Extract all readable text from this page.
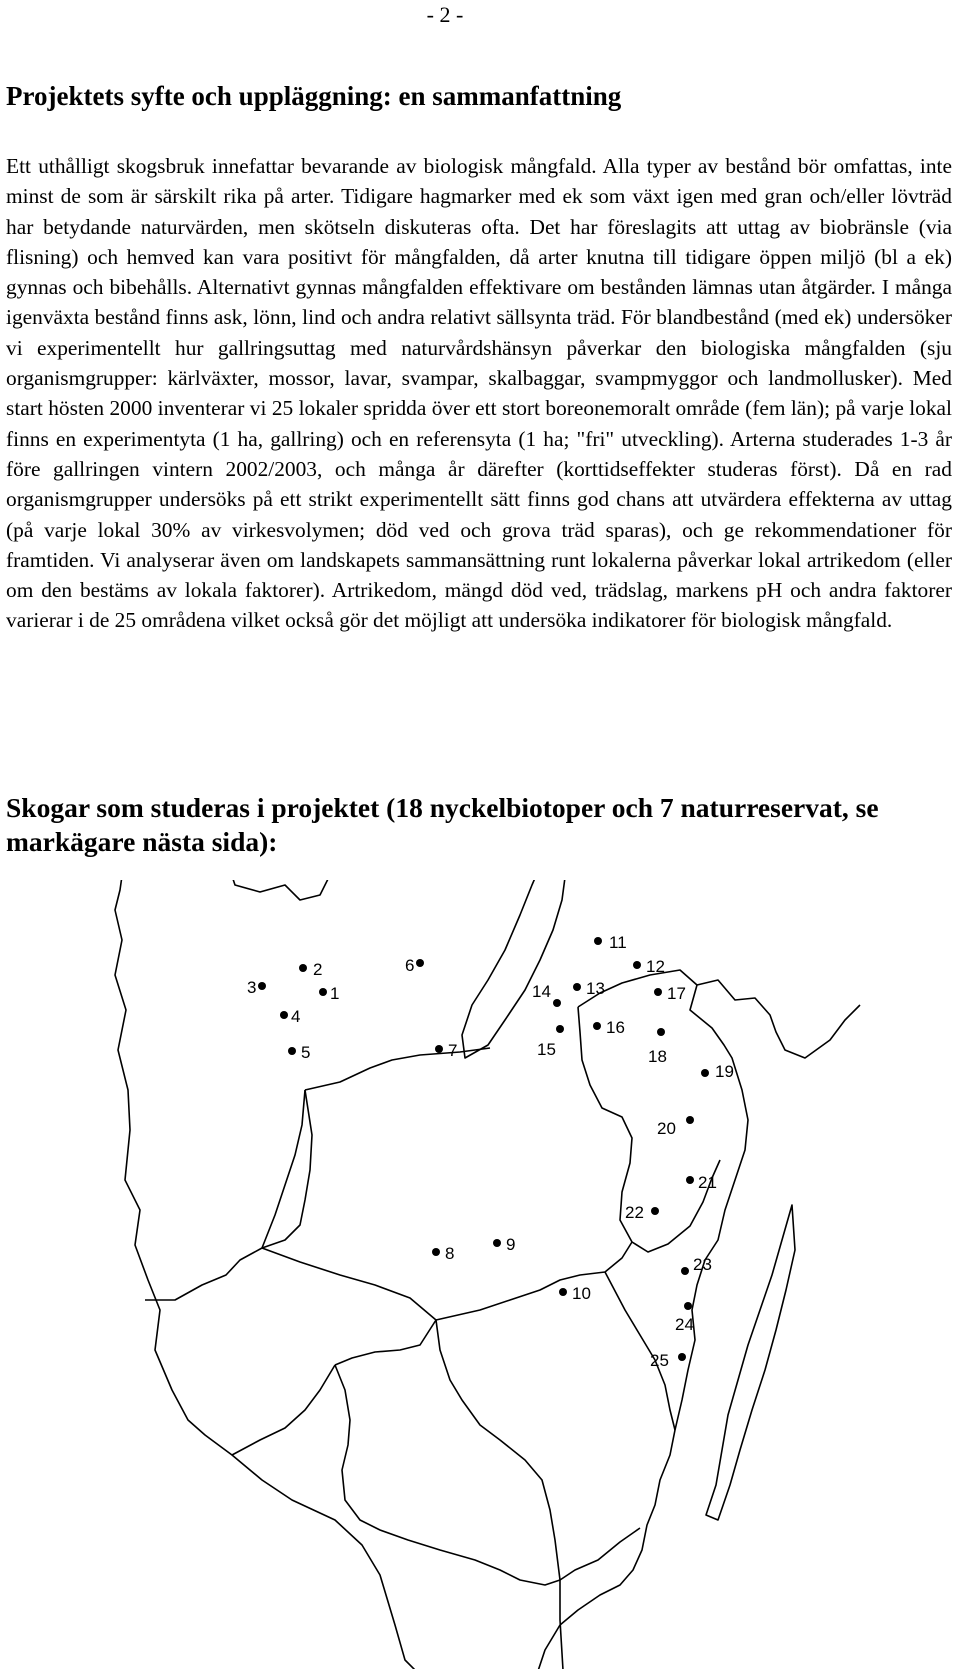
- 2 -
Projektets syfte och uppläggning: en sammanfattning

Ett uthålligt skogsbruk innefattar bevarande av biologisk mångfald. Alla typer av bestånd bör omfattas, inte minst de som är särskilt rika på arter. Tidigare hagmarker med ek som växt igen med gran och/eller lövträd har betydande naturvärden, men skötseln diskuteras ofta. Det har föreslagits att uttag av biobränsle (via flisning) och hemved kan vara positivt för mångfalden, då arter knutna till tidigare öppen miljö (bl a ek) gynnas och bibehålls. Alternativt gynnas mångfalden effektivare om bestånden lämnas utan åtgärder. I många igenväxta bestånd finns ask, lönn, lind och andra relativt sällsynta träd. För blandbestånd (med ek) undersöker vi experimentellt hur gallringsuttag med naturvårdshänsyn påverkar den biologiska mångfalden (sju organismgrupper: kärlväxter, mossor, lavar, svampar, skalbaggar, svampmyggor och landmollusker). Med start hösten 2000 inventerar vi 25 lokaler spridda över ett stort boreonemoralt område (fem län); på varje lokal finns en experimentyta (1 ha, gallring) och en referensyta (1 ha; "fri" utveckling). Arterna studerades 1-3 år före gallringen vintern 2002/2003, och många år därefter (korttidseffekter studeras först). Då en rad organismgrupper undersöks på ett strikt experimentellt sätt finns god chans att utvärdera effekterna av uttag (på varje lokal 30% av virkesvolymen; död ved och grova träd sparas), och ge rekommendationer för framtiden. Vi analyserar även om landskapets sammansättning runt lokalerna påverkar lokal artrikedom (eller om den bestäms av lokala faktorer). Artrikedom, mängd död ved, trädslag, markens pH och andra faktorer varierar i de 25 områdena vilket också gör det möjligt att undersöka indikatorer för biologisk mångfald.

Skogar som studeras i projektet (18 nyckelbiotoper och 7 naturreservat, se markägare nästa sida):
1
2
3
4
5
6
7
8	9
10
11
12
13
14
15
16
17
18
19
20
21
22
23
24
25
